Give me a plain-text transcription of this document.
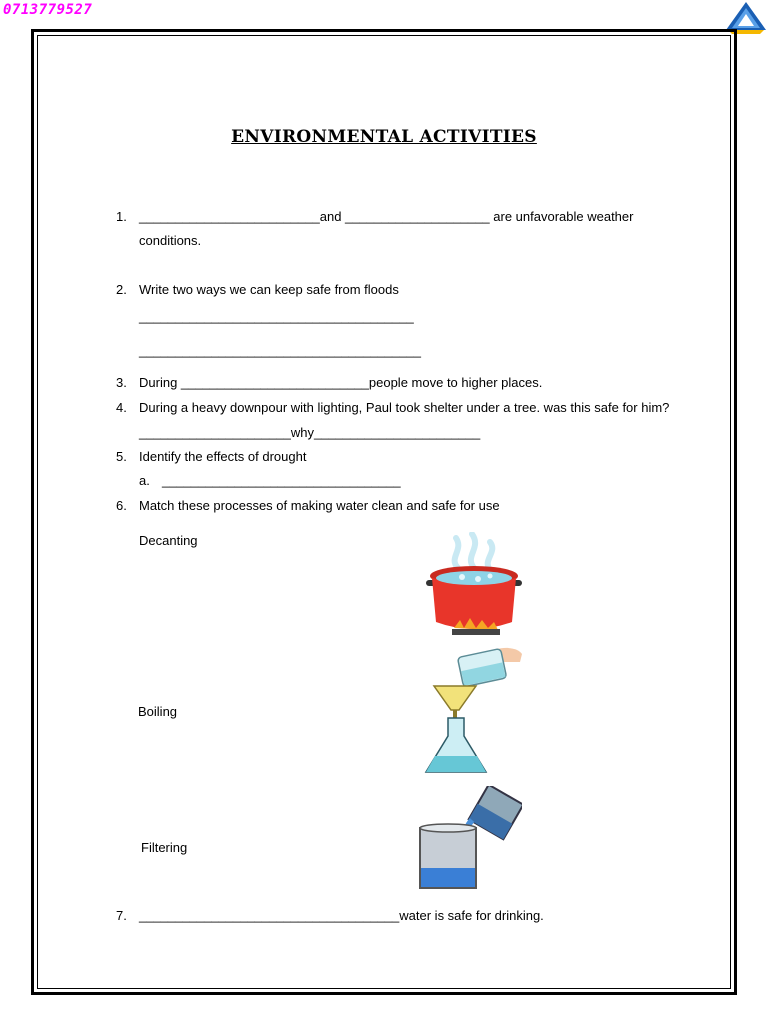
0713779527
ENVIRONMENTAL ACTIVITIES
1. _________________________and ____________________ are unfavorable weather
conditions.
2. Write two ways we can keep safe from floods
______________________________________
_______________________________________
3. During __________________________people move to higher places.
4. During a heavy downpour with lighting, Paul took shelter under a tree. was this safe for him?
_____________________why_______________________
5. Identify the effects of drought
a. _________________________________
6. Match these processes of making water clean and safe for use
Decanting
Boiling
Filtering
7. ____________________________________water is safe for drinking.
